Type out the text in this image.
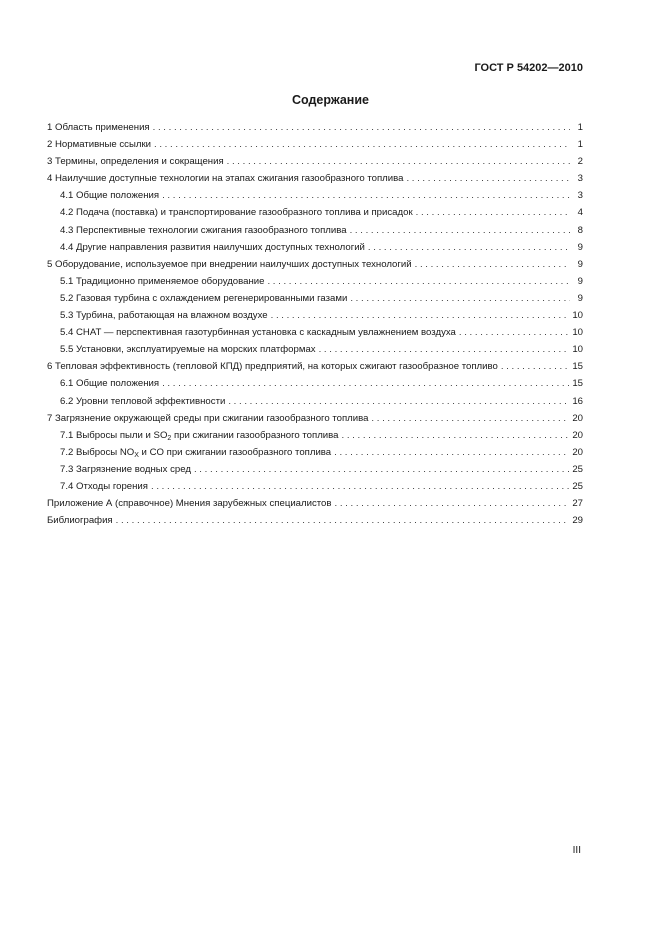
ГОСТ Р 54202—2010
Содержание
1 Область применения . . .	1
2 Нормативные ссылки . . .	1
3 Термины, определения и сокращения . . .	2
4 Наилучшие доступные технологии на этапах сжигания газообразного топлива . . .	3
4.1 Общие положения . . .	3
4.2 Подача (поставка) и транспортирование газообразного топлива и присадок . . .	4
4.3 Перспективные технологии сжигания газообразного топлива . . .	8
4.4 Другие направления развития наилучших доступных технологий . . .	9
5 Оборудование, используемое при внедрении наилучших доступных технологий . . .	9
5.1 Традиционно применяемое оборудование . . .	9
5.2 Газовая турбина с охлаждением регенерированными газами . . .	9
5.3 Турбина, работающая на влажном воздухе . . .	10
5.4 CHAT — перспективная газотурбинная установка с каскадным увлажнением воздуха . . .	10
5.5 Установки, эксплуатируемые на морских платформах . . .	10
6 Тепловая эффективность (тепловой КПД) предприятий, на которых сжигают газообразное топливо . . .	15
6.1 Общие положения . . .	15
6.2 Уровни тепловой эффективности . . .	16
7 Загрязнение окружающей среды при сжигании газообразного топлива . . .	20
7.1 Выбросы пыли и $SO_2$ при сжигании газообразного топлива . . .	20
7.2 Выбросы $NO_X$ и CO при сжигании газообразного топлива . . .	20
7.3 Загрязнение водных сред . . .	25
7.4 Отходы горения . . .	25
Приложение А (справочное) Мнения зарубежных специалистов . . .	27
Библиография . . .	29
III
